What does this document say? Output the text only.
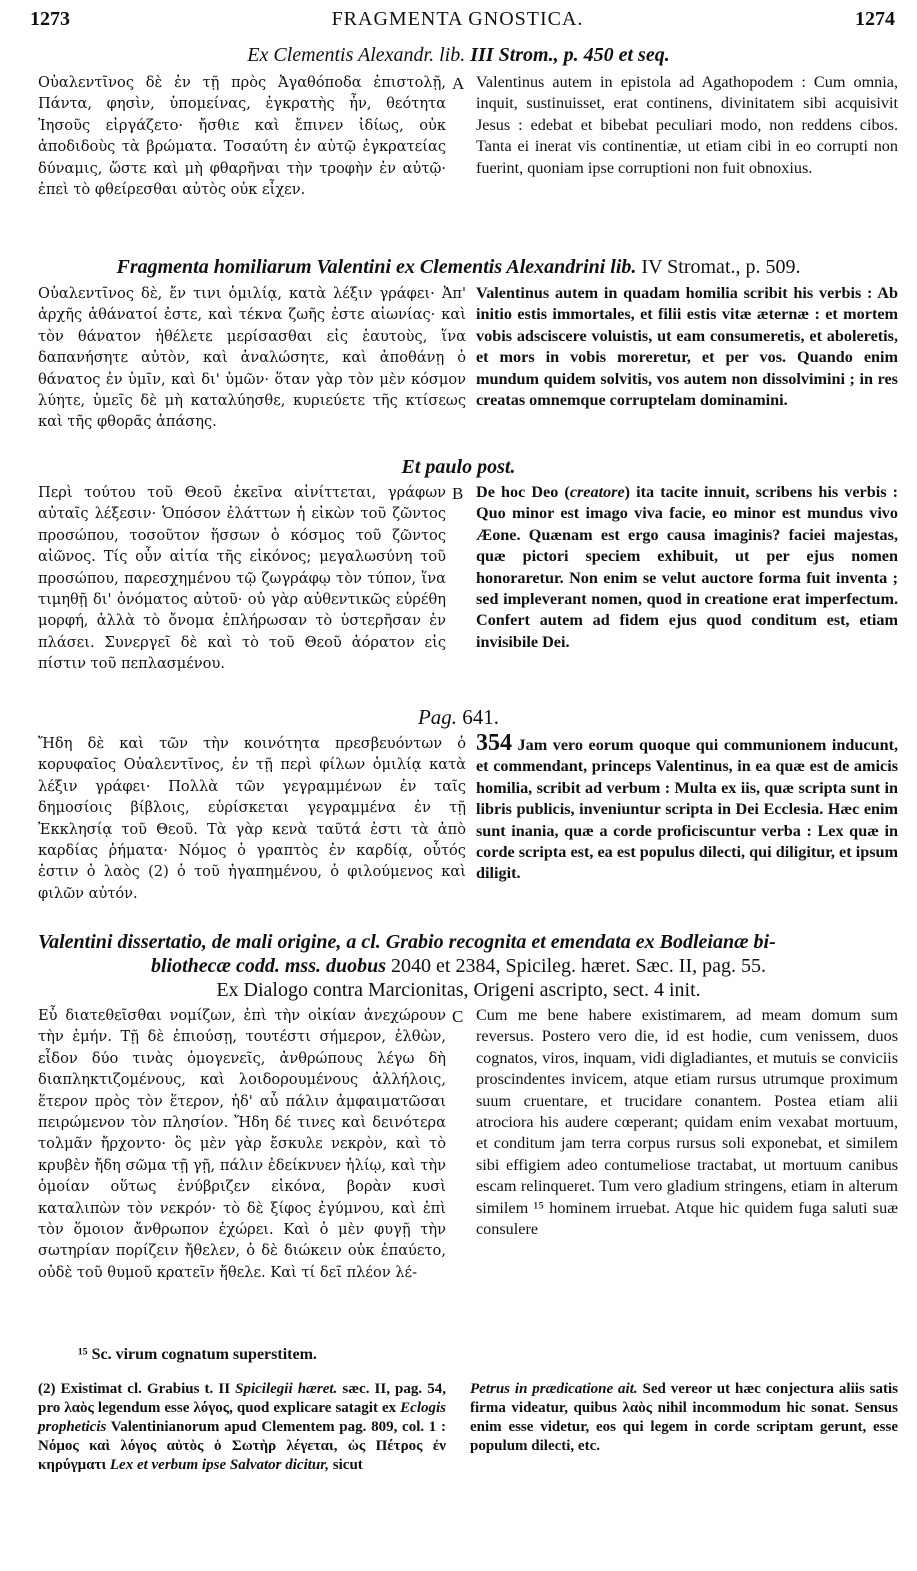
1273	FRAGMENTA GNOSTICA.	1274
Ex Clementis Alexandr. lib. III Strom., p. 450 et seq.
Οὐαλεντῖνος δὲ ἐν τῇ πρὸς Ἀγαθόποδα ἐπιστολῇ, Πάντα, φησὶν, ὑπομείνας, ἐγκρατὴς ἦν, θεότητα Ἰησοῦς εἰργάζετο· ἤσθιε καὶ ἔπινεν ἰδίως, οὐκ ἀποδιδοὺς τὰ βρώματα. Τοσαύτη ἐν αὐτῷ ἐγκρατείας δύναμις, ὥστε καὶ μὴ φθαρῆναι τὴν τροφὴν ἐν αὐτῷ· ἐπεὶ τὸ φθείρεσθαι αὐτὸς οὐκ εἶχεν.
A Valentinus autem in epistola ad Agathopodem : Cum omnia, inquit, sustinuisset, erat continens, divinitatem sibi acquisivit Jesus : edebat et bibebat peculiari modo, non reddens cibos. Tanta ei inerat vis continentiæ, ut etiam cibi in eo corrupti non fuerint, quoniam ipse corruptioni non fuit obnoxius.
Fragmenta homiliarum Valentini ex Clementis Alexandrini lib. IV Stromat., p. 509.
Οὐαλεντῖνος δὲ, ἔν τινι ὁμιλίᾳ, κατὰ λέξιν γράφει· Ἀπ' ἀρχῆς ἀθάνατοί ἐστε, καὶ τέκνα ζωῆς ἐστε αἰωνίας· καὶ τὸν θάνατον ἠθέλετε μερίσασθαι εἰς ἑαυτοὺς, ἵνα δαπανήσητε αὐτὸν, καὶ ἀναλώσητε, καὶ ἀποθάνῃ ὁ θάνατος ἐν ὑμῖν, καὶ δι' ὑμῶν· ὅταν γὰρ τὸν μὲν κόσμον λύητε, ὑμεῖς δὲ μὴ καταλύησθε, κυριεύετε τῆς κτίσεως καὶ τῆς φθορᾶς ἁπάσης.
Valentinus autem in quadam homilia scribit his verbis : Ab initio estis immortales, et filii estis vitæ æternæ : et mortem vobis adsciscere voluistis, ut eam consumeretis, et aboleretis, et mors in vobis moreretur, et per vos. Quando enim mundum quidem solvitis, vos autem non dissolvimini ; in res creatas omnemque corruptelam dominamini.
Et paulo post.
Περὶ τούτου τοῦ Θεοῦ ἐκεῖνα αἰνίττεται, γράφων αὐταῖς λέξεσιν· Ὁπόσον ἐλάττων ἡ εἰκὼν τοῦ ζῶντος προσώπου, τοσοῦτον ἥσσων ὁ κόσμος τοῦ ζῶντος αἰῶνος. Τίς οὖν αἰτία τῆς εἰκόνος; μεγαλωσύνη τοῦ προσώπου, παρεσχημένου τῷ ζωγράφῳ τὸν τύπον, ἵνα τιμηθῇ δι' ὀνόματος αὐτοῦ· οὐ γὰρ αὐθεντικῶς εὑρέθη μορφή, ἀλλὰ τὸ ὄνομα ἐπλήρωσαν τὸ ὑστερῆσαν ἐν πλάσει. Συνεργεῖ δὲ καὶ τὸ τοῦ Θεοῦ ἀόρατον εἰς πίστιν τοῦ πεπλασμένου.
B De hoc Deo (creatore) ita tacite innuit, scribens his verbis : Quo minor est imago viva facie, eo minor est mundus vivo Æone. Quænam est ergo causa imaginis? faciei majestas, quæ pictori speciem exhibuit, ut per ejus nomen honoraretur. Non enim se velut auctore forma fuit inventa ; sed impleverant nomen, quod in creatione erat imperfectum. Confert autem ad fidem ejus quod conditum est, etiam invisibile Dei.
Pag. 641.
Ἤδη δὲ καὶ τῶν τὴν κοινότητα πρεσβευόντων ὁ κορυφαῖος Οὐαλεντῖνος, ἐν τῇ περὶ φίλων ὁμιλίᾳ κατὰ λέξιν γράφει· Πολλὰ τῶν γεγραμμένων ἐν ταῖς δημοσίοις βίβλοις, εὑρίσκεται γεγραμμένα ἐν τῇ Ἐκκλησίᾳ τοῦ Θεοῦ. Τὰ γὰρ κενὰ ταῦτά ἐστι τὰ ἀπὸ καρδίας ῥήματα· Νόμος ὁ γραπτὸς ἐν καρδίᾳ, οὗτός ἐστιν ὁ λαὸς (2) ὁ τοῦ ἠγαπημένου, ὁ φιλούμενος καὶ φιλῶν αὐτόν.
354 Jam vero eorum quoque qui communionem inducunt, et commendant, princeps Valentinus, in ea quæ est de amicis homilia, scribit ad verbum : Multa ex iis, quæ scripta sunt in libris publicis, inveniuntur scripta in Dei Ecclesia. Hæc enim sunt inania, quæ a corde proficiscuntur verba : Lex quæ in corde scripta est, ea est populus dilecti, qui diligitur, et ipsum diligit.
Valentini dissertatio, de mali origine, a cl. Grabio recognita et emendata ex Bodleianæ bi-
bliothecæ codd. mss. duobus 2040 et 2384, Spicileg. hæret. Sæc. II, pag. 55.
Ex Dialogo contra Marcionitas, Origeni ascripto, sect. 4 init.
Εὖ διατεθεῖσθαι νομίζων, ἐπὶ τὴν οἰκίαν ἀνεχώρουν τὴν ἐμήν. Τῇ δὲ ἐπιούσῃ, τουτέστι σήμερον, ἐλθὼν, εἶδον δύο τινὰς ὁμογενεῖς, ἀνθρώπους λέγω δὴ διαπληκτιζομένους, καὶ λοιδορουμένους ἀλλήλοις, ἕτερον πρὸς τὸν ἕτερον, ἠδ' αὖ πάλιν ἀμφαιματῶσαι πειρώμενον τὸν πλησίον. Ἤδη δέ τινες καὶ δεινότερα τολμᾶν ἤρχοντο· ὃς μὲν γὰρ ἔσκυλε νεκρὸν, καὶ τὸ κρυβὲν ἤδη σῶμα τῇ γῇ, πάλιν ἐδείκνυεν ἡλίῳ, καὶ τὴν ὁμοίαν οὕτως ἐνύβριζεν εἰκόνα, βορὰν κυσὶ καταλιπὼν τὸν νεκρόν· τὸ δὲ ξίφος ἐγύμνου, καὶ ἐπὶ τὸν ὅμοιον ἄνθρωπον ἐχώρει. Καὶ ὁ μὲν φυγῇ τὴν σωτηρίαν πορίζειν ἤθελεν, ὁ δὲ διώκειν οὐκ ἐπαύετο, οὐδὲ τοῦ θυμοῦ κρατεῖν ἤθελε. Καὶ τί δεῖ πλέον λέ-
C Cum me bene habere existimarem, ad meam domum sum reversus. Postero vero die, id est hodie, cum venissem, duos cognatos, viros, inquam, vidi digladiantes, et mutuis se conviciis proscindentes invicem, atque etiam rursus utrumque proximum suum cruentare, et trucidare conantem. Postea etiam alii atrociora his audere cœperant; quidam enim vexabat mortuum, et conditum jam terra corpus rursus soli exponebat, et similem sibi effigiem adeo contumeliose tractabat, ut mortuum canibus escam relinqueret. Tum vero gladium stringens, etiam in alterum similem ¹⁵ hominem irruebat. Atque hic quidem fuga saluti suæ consulere
¹⁵ Sc. virum cognatum superstitem.
(2) Existimat cl. Grabius t. II Spicilegii hæret. sæc. II, pag. 54, pro λαὸς legendum esse λόγος, quod explicare satagit ex Eclogis propheticis Valentinianorum apud Clementem pag. 809, col. 1 : Νόμος καὶ λόγος αὐτὸς ὁ Σωτὴρ λέγεται, ὡς Πέτρος ἐν κηρύγματι Lex et verbum ipse Salvator dicitur, sicut
Petrus in prædicatione ait. Sed vereor ut hæc conjectura aliis satis firma videatur, quibus λαὸς nihil incommodum hic sonat. Sensus enim esse videtur, eos qui legem in corde scriptam gerunt, esse populum dilecti, etc.
